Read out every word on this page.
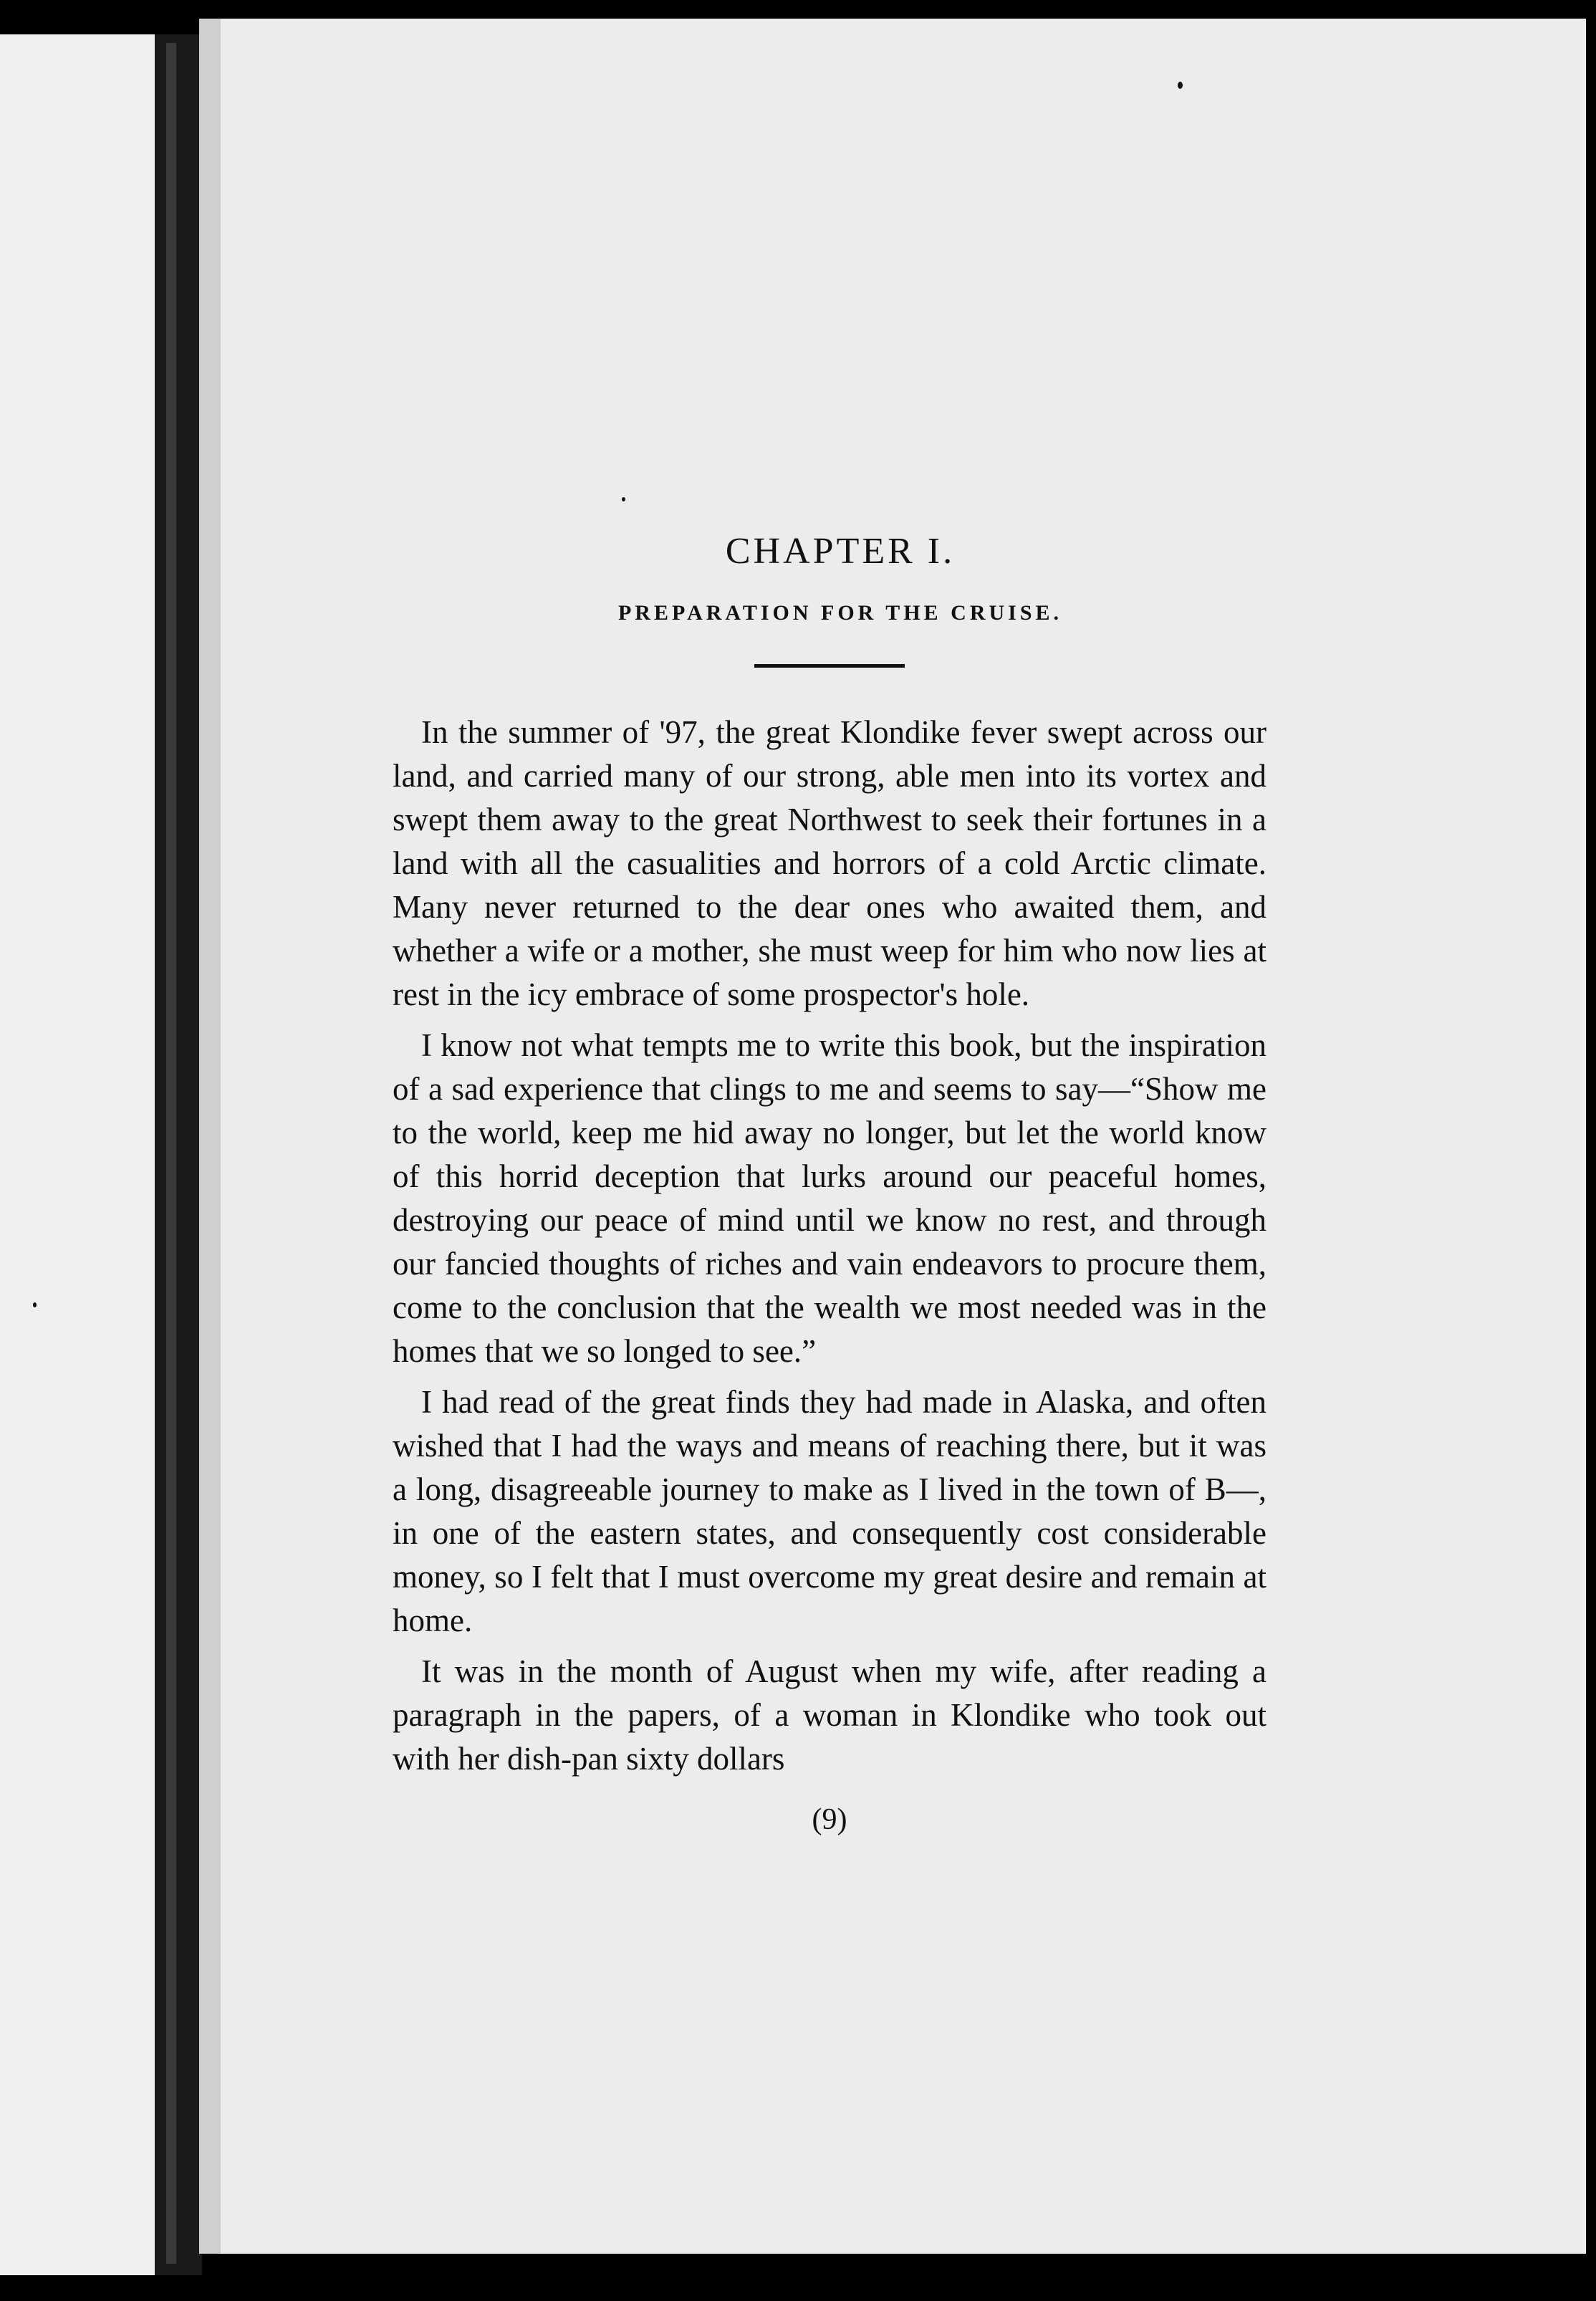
CHAPTER I.
PREPARATION FOR THE CRUISE.

In the summer of '97, the great Klondike fever swept across our land, and carried many of our strong, able men into its vortex and swept them away to the great Northwest to seek their fortunes in a land with all the casualities and horrors of a cold Arctic climate. Many never returned to the dear ones who awaited them, and whether a wife or a mother, she must weep for him who now lies at rest in the icy embrace of some prospector's hole.

I know not what tempts me to write this book, but the inspiration of a sad experience that clings to me and seems to say—“Show me to the world, keep me hid away no longer, but let the world know of this horrid deception that lurks around our peaceful homes, destroying our peace of mind until we know no rest, and through our fancied thoughts of riches and vain endeavors to procure them, come to the conclusion that the wealth we most needed was in the homes that we so longed to see.”

I had read of the great finds they had made in Alaska, and often wished that I had the ways and means of reaching there, but it was a long, disagreeable journey to make as I lived in the town of B—, in one of the eastern states, and consequently cost considerable money, so I felt that I must overcome my great desire and remain at home.

It was in the month of August when my wife, after reading a paragraph in the papers, of a woman in Klondike who took out with her dish-pan sixty dollars

(9)
